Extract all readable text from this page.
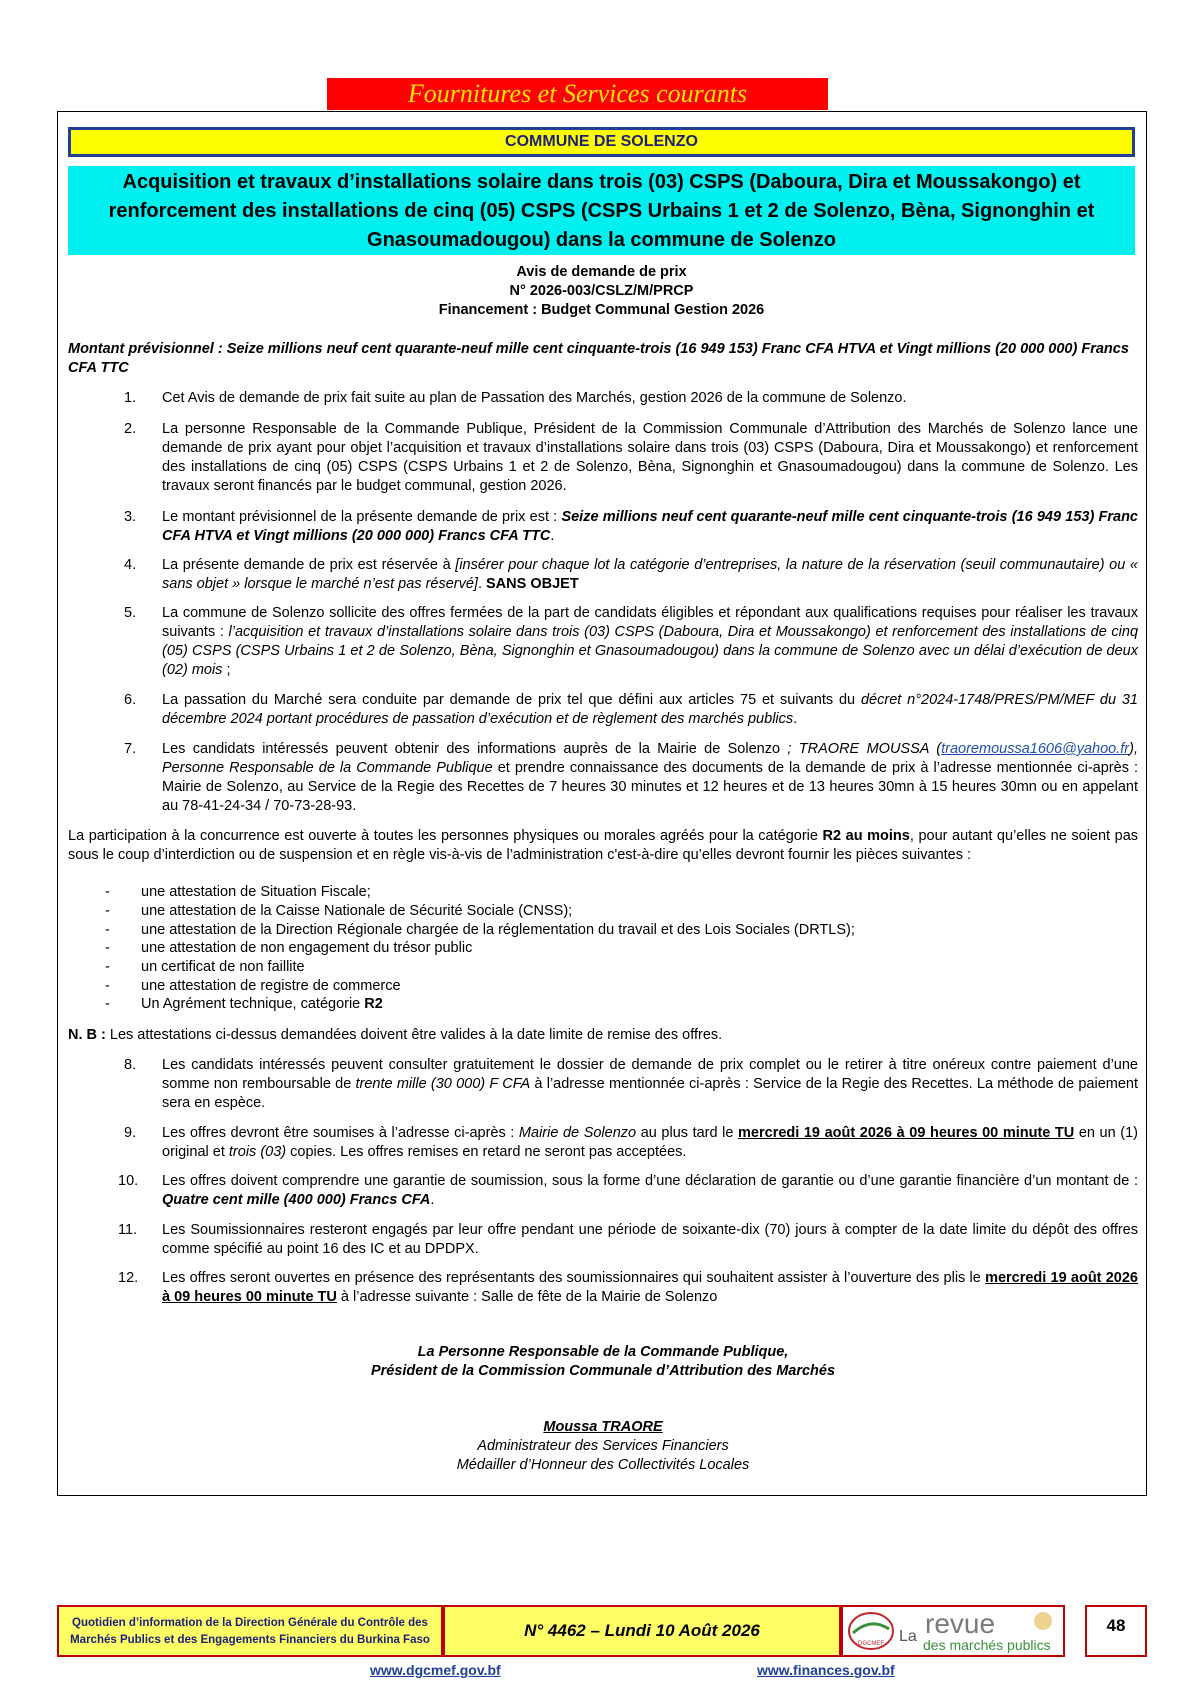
Fournitures et Services courants
COMMUNE DE SOLENZO
Acquisition et travaux d’installations solaire dans trois (03) CSPS (Daboura, Dira et Moussakongo) et renforcement des installations de cinq (05) CSPS (CSPS Urbains 1 et 2 de Solenzo, Bèna, Signonghin et Gnasoumadougou) dans la commune de Solenzo
Avis de demande de prix
N° 2026-003/CSLZ/M/PRCP
Financement : Budget Communal Gestion 2026
Montant prévisionnel : Seize millions neuf cent quarante-neuf mille cent cinquante-trois (16 949 153) Franc CFA HTVA et Vingt millions (20 000 000) Francs CFA TTC
1. Cet Avis de demande de prix fait suite au plan de Passation des Marchés, gestion 2026 de la commune de Solenzo.
2. La personne Responsable de la Commande Publique, Président de la Commission Communale d’Attribution des Marchés de Solenzo lance une demande de prix ayant pour objet l’acquisition et travaux d’installations solaire dans trois (03) CSPS (Daboura, Dira et Moussakongo) et renforcement des installations de cinq (05) CSPS (CSPS Urbains 1 et 2 de Solenzo, Bèna, Signonghin et Gnasoumadougou) dans la commune de Solenzo. Les travaux seront financés par le budget communal, gestion 2026.
3. Le montant prévisionnel de la présente demande de prix est : Seize millions neuf cent quarante-neuf mille cent cinquante-trois (16 949 153) Franc CFA HTVA et Vingt millions (20 000 000) Francs CFA TTC.
4. La présente demande de prix est réservée à [insérer pour chaque lot la catégorie d’entreprises, la nature de la réservation (seuil communautaire) ou « sans objet » lorsque le marché n’est pas réservé]. SANS OBJET
5. La commune de Solenzo sollicite des offres fermées de la part de candidats éligibles et répondant aux qualifications requises pour réaliser les travaux suivants : l’acquisition et travaux d’installations solaire dans trois (03) CSPS (Daboura, Dira et Moussakongo) et renforcement des installations de cinq (05) CSPS (CSPS Urbains 1 et 2 de Solenzo, Bèna, Signonghin et Gnasoumadougou) dans la commune de Solenzo avec un délai d’exécution de deux (02) mois ;
6. La passation du Marché sera conduite par demande de prix tel que défini aux articles 75 et suivants du décret n°2024-1748/PRES/PM/MEF du 31 décembre 2024 portant procédures de passation d’exécution et de règlement des marchés publics.
7. Les candidats intéressés peuvent obtenir des informations auprès de la Mairie de Solenzo ; TRAORE MOUSSA (traoremoussa1606@yahoo.fr), Personne Responsable de la Commande Publique et prendre connaissance des documents de la demande de prix à l’adresse mentionnée ci-après : Mairie de Solenzo, au Service de la Regie des Recettes de 7 heures 30 minutes et 12 heures et de 13 heures 30mn à 15 heures 30mn ou en appelant au 78-41-24-34 / 70-73-28-93.
La participation à la concurrence est ouverte à toutes les personnes physiques ou morales agréés pour la catégorie R2 au moins, pour autant qu’elles ne soient pas sous le coup d’interdiction ou de suspension et en règle vis-à-vis de l’administration c'est-à-dire qu’elles devront fournir les pièces suivantes :
- une attestation de Situation Fiscale;
- une attestation de la Caisse Nationale de Sécurité Sociale (CNSS);
- une attestation de la Direction Régionale chargée de la réglementation du travail et des Lois Sociales (DRTLS);
- une attestation de non engagement du trésor public
- un certificat de non faillite
- une attestation de registre de commerce
- Un Agrément technique, catégorie R2
N. B : Les attestations ci-dessus demandées doivent être valides à la date limite de remise des offres.
8. Les candidats intéressés peuvent consulter gratuitement le dossier de demande de prix complet ou le retirer à titre onéreux contre paiement d’une somme non remboursable de trente mille (30 000) F CFA à l’adresse mentionnée ci-après : Service de la Regie des Recettes. La méthode de paiement sera en espèce.
9. Les offres devront être soumises à l’adresse ci-après : Mairie de Solenzo au plus tard le mercredi 19 août 2026 à 09 heures 00 minute TU en un (1) original et trois (03) copies. Les offres remises en retard ne seront pas acceptées.
10. Les offres doivent comprendre une garantie de soumission, sous la forme d’une déclaration de garantie ou d’une garantie financière d’un montant de : Quatre cent mille (400 000) Francs CFA.
11. Les Soumissionnaires resteront engagés par leur offre pendant une période de soixante-dix (70) jours à compter de la date limite du dépôt des offres comme spécifié au point 16 des IC et au DPDPX.
12. Les offres seront ouvertes en présence des représentants des soumissionnaires qui souhaitent assister à l’ouverture des plis le mercredi 19 août 2026 à 09 heures 00 minute TU à l’adresse suivante : Salle de fête de la Mairie de Solenzo
La Personne Responsable de la Commande Publique,
Président de la Commission Communale d’Attribution des Marchés
Moussa TRAORE
Administrateur des Services Financiers
Médailler d’Honneur des Collectivités Locales
Quotidien d’information de la Direction Générale du Contrôle des
Marchés Publics et des Engagements Financiers du Burkina Faso	N° 4462 – Lundi 10 Août 2026
DGCMEF La revue
des marchés publics
48
www.dgcmef.gov.bf	www.finances.gov.bf
